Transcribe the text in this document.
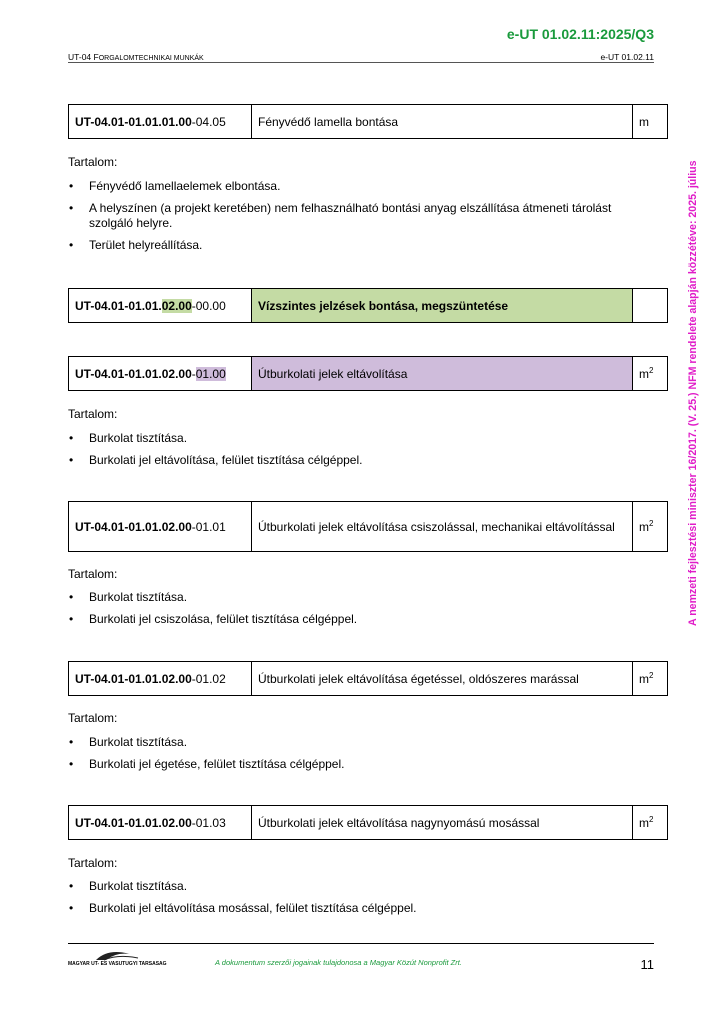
e-UT 01.02.11:2025/Q3
UT-04 FORGALOMTECHNIKAI MUNKÁK	e-UT 01.02.11
A nemzeti fejlesztési miniszter 16/2017. (V. 25.) NFM rendelete alapján közzétéve: 2025. július
UT-04.01-01.01.01.00-04.05	Fényvédő lamella bontása	m
Tartalom:
• Fényvédő lamellaelemek elbontása.
• A helyszínen (a projekt keretében) nem felhasználható bontási anyag elszállítása átmeneti tárolást szolgáló helyre.
• Terület helyreállítása.
UT-04.01-01.01.02.00-00.00	Vízszintes jelzések bontása, megszüntetése	
UT-04.01-01.01.02.00-01.00	Útburkolati jelek eltávolítása	$m^2$
Tartalom:
• Burkolat tisztítása.
• Burkolati jel eltávolítása, felület tisztítása célgéppel.
UT-04.01-01.01.02.00-01.01	Útburkolati jelek eltávolítása csiszolással, mechanikai eltávolítással	$m^2$
Tartalom:
• Burkolat tisztítása.
• Burkolati jel csiszolása, felület tisztítása célgéppel.
UT-04.01-01.01.02.00-01.02	Útburkolati jelek eltávolítása égetéssel, oldószeres marással	$m^2$
Tartalom:
• Burkolat tisztítása.
• Burkolati jel égetése, felület tisztítása célgéppel.
UT-04.01-01.01.02.00-01.03	Útburkolati jelek eltávolítása nagynyomású mosással	$m^2$
Tartalom:
• Burkolat tisztítása.
• Burkolati jel eltávolítása mosással, felület tisztítása célgéppel.
MAGYAR UT- ES VASUTUGYI TARSASAG	A dokumentum szerzői jogainak tulajdonosa a Magyar Közút Nonprofit Zrt.	11
